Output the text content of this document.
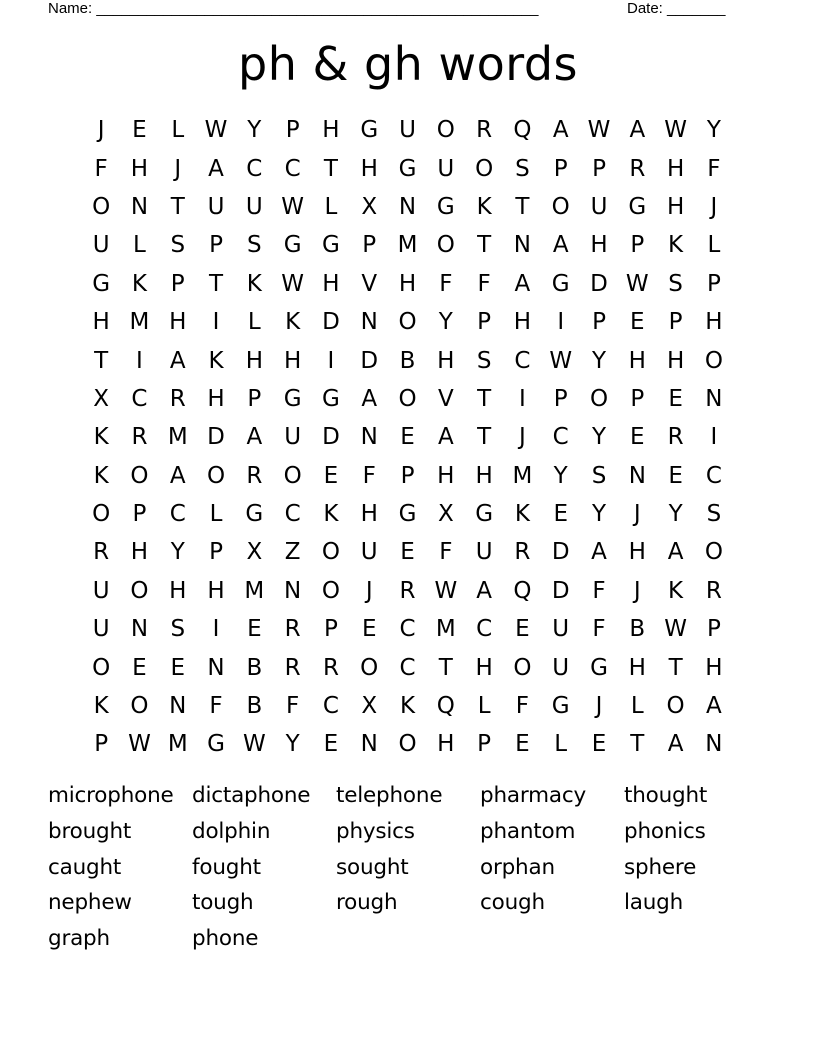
Name: _____________________________________________________	Date: _______
ph & gh words
J	E	L W Y	P H G U O R Q A W A W Y
F	H	J	A C C	T H G U O S	P	P	R H	F
O N T U U W L	X N G K	T O U G H	J
U	L	S	P	S G G P M O T N A H P	K	L
G K	P	T	K W H V H	F	F	A G D W S	P
H M H	I	L	K D N O Y	P H	I	P	E	P H
T	I	A K H H	I	D B H S C W Y H H O
X C R H P G G A O V	T	I	P O P	E N
K R M D A U D N E	A	T	J	C	Y	E	R	I
K O A O R O E	F	P H H M Y	S N E C
O P	C	L G C K H G X G K	E	Y	J	Y	S
R H Y	P	X Z O U E	F	U R D A H A O
U O H H M N O	J	R W A Q D F	J	K R
U N S	I	E	R	P	E C M C	E U	F	B W P
O E	E N B R R O C	T H O U G H T H
K O N	F	B	F	C X K Q L	F G	J	L O A
P W M G W Y	E N O H P	E	L	E	T	A N
microphone dictaphone	telephone	pharmacy	thought
brought	dolphin	physics	phantom	phonics
caught	fought	sought	orphan	sphere
nephew	tough	rough	cough	laugh
graph	phone
